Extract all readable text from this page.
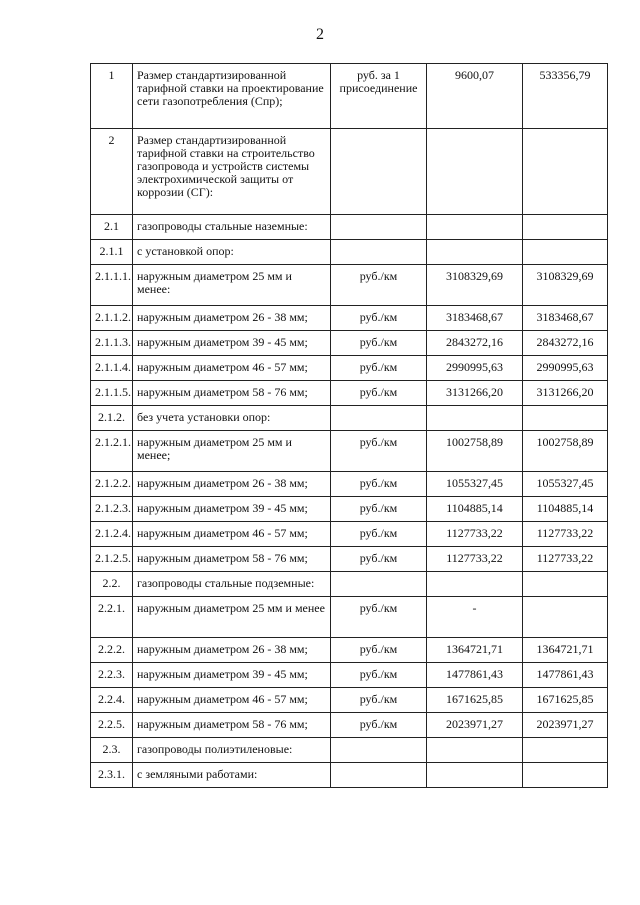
2
1	Размер стандартизированной тарифной ставки на проектирование сети газопотребления (Cпр);	руб. за 1 присоединение	9600,07	533356,79
2	Размер стандартизированной тарифной ставки на строительство газопровода и устройств системы электрохимической защиты от коррозии (CГ):			
2.1	газопроводы стальные наземные:			
2.1.1	с установкой опор:			
2.1.1.1.	наружным диаметром 25 мм и менее:	руб./км	3108329,69	3108329,69
2.1.1.2.	наружным диаметром 26 - 38 мм;	руб./км	3183468,67	3183468,67
2.1.1.3.	наружным диаметром 39 - 45 мм;	руб./км	2843272,16	2843272,16
2.1.1.4.	наружным диаметром 46 - 57 мм;	руб./км	2990995,63	2990995,63
2.1.1.5.	наружным диаметром 58 - 76 мм;	руб./км	3131266,20	3131266,20
2.1.2.	без учета установки опор:			
2.1.2.1.	наружным диаметром 25 мм и менее;	руб./км	1002758,89	1002758,89
2.1.2.2.	наружным диаметром 26 - 38 мм;	руб./км	1055327,45	1055327,45
2.1.2.3.	наружным диаметром 39 - 45 мм;	руб./км	1104885,14	1104885,14
2.1.2.4.	наружным диаметром 46 - 57 мм;	руб./км	1127733,22	1127733,22
2.1.2.5.	наружным диаметром 58 - 76 мм;	руб./км	1127733,22	1127733,22
2.2.	газопроводы стальные подземные:			
2.2.1.	наружным диаметром 25 мм и менее	руб./км	-	
2.2.2.	наружным диаметром 26 - 38 мм;	руб./км	1364721,71	1364721,71
2.2.3.	наружным диаметром 39 - 45 мм;	руб./км	1477861,43	1477861,43
2.2.4.	наружным диаметром 46 - 57 мм;	руб./км	1671625,85	1671625,85
2.2.5.	наружным диаметром 58 - 76 мм;	руб./км	2023971,27	2023971,27
2.3.	газопроводы полиэтиленовые:			
2.3.1.	с земляными работами:			
